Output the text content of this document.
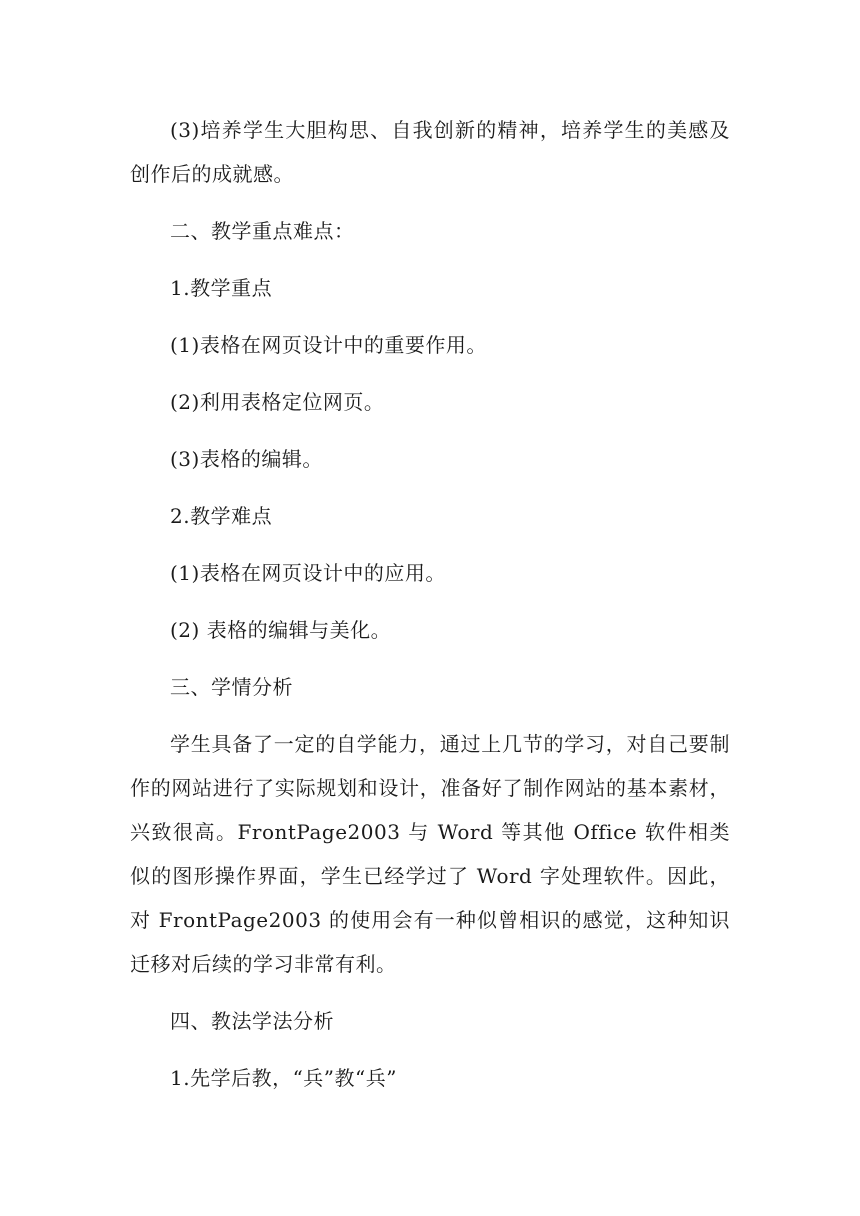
(3)培养学生大胆构思、自我创新的精神，培养学生的美感及创作后的成就感。

二、教学重点难点：

1.教学重点

(1)表格在网页设计中的重要作用。

(2)利用表格定位网页。

(3)表格的编辑。

2.教学难点

(1)表格在网页设计中的应用。

(2) 表格的编辑与美化。

三、学情分析

学生具备了一定的自学能力，通过上几节的学习，对自己要制作的网站进行了实际规划和设计，准备好了制作网站的基本素材，兴致很高。FrontPage2003 与 Word 等其他 Office 软件相类似的图形操作界面，学生已经学过了 Word 字处理软件。因此，对 FrontPage2003 的使用会有一种似曾相识的感觉，这种知识迁移对后续的学习非常有利。

四、教法学法分析

1.先学后教，“兵”教“兵”
